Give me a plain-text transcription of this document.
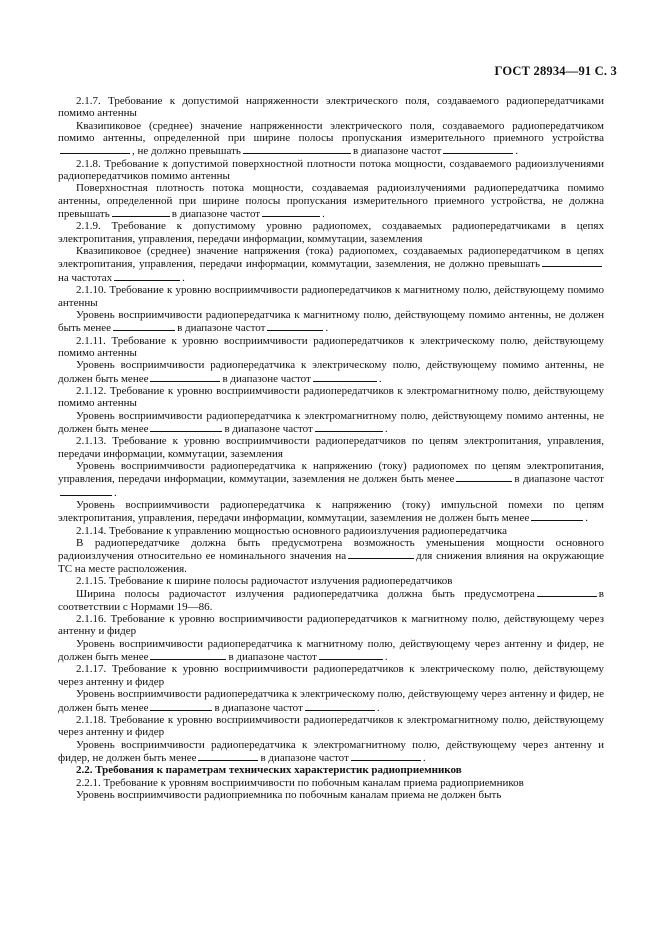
ГОСТ 28934—91 С. 3

2.1.7. Требование к допустимой напряженности электрического поля, создаваемого радиопередатчиками помимо антенны

Квазипиковое (среднее) значение напряженности электрического поля, создаваемого радиопередатчиком помимо антенны, определенной при ширине полосы пропускания измерительного приемного устройства, не должно превышать	в диапазоне частот	.

2.1.8. Требование к допустимой поверхностной плотности потока мощности, создаваемого радиоизлучениями радиопередатчиков помимо антенны

Поверхностная плотность потока мощности, создаваемая радиоизлучениями радиопередатчика помимо антенны, определенной при ширине полосы пропускания измерительного приемного устройства, не должна превышать	в диапазоне частот	.

2.1.9. Требование к допустимому уровню радиопомех, создаваемых радиопередатчиками в цепях электропитания, управления, передачи информации, коммутации, заземления

Квазипиковое (среднее) значение напряжения (тока) радиопомех, создаваемых радиопередатчиком в цепях электропитания, управления, передачи информации, коммутации, заземления, не должно превышатьна частотах	.

2.1.10. Требование к уровню восприимчивости радиопередатчиков к магнитному полю, действующему помимо антенны

Уровень восприимчивости радиопередатчика к магнитному полю, действующему помимо антенны, не должен быть менее	в диапазоне частот	.

2.1.11. Требование к уровню восприимчивости радиопередатчиков к электрическому полю, действующему помимо антенны

Уровень восприимчивости радиопередатчика к электрическому полю, действующему помимо антенны, не должен быть менее	в диапазоне частот	.

2.1.12. Требование к уровню восприимчивости радиопередатчиков к электромагнитному полю, действующему помимо антенны

Уровень восприимчивости радиопередатчика к электромагнитному полю, действующему помимо антенны, не должен быть менее	в диапазоне частот	.

2.1.13. Требование к уровню восприимчивости радиопередатчиков по цепям электропитания, управления, передачи информации, коммутации, заземления

Уровень восприимчивости радиопередатчика к напряжению (току) радиопомех по цепям электропитания, управления, передачи информации, коммутации, заземления не должен быть менее	в диапазоне частот.

Уровень восприимчивости радиопередатчика к напряжению (току) импульсной помехи по цепям электропитания, управления, передачи информации, коммутации, заземления не должен быть менее	.

2.1.14. Требование к управлению мощностью основного радиоизлучения радиопередатчика

В радиопередатчике должна быть предусмотрена возможность уменьшения мощности основного радиоизлучения относительно ее номинального значения на	для снижения влияния на окружающие ТС на месте расположения.

2.1.15. Требование к ширине полосы радиочастот излучения радиопередатчиков

Ширина полосы радиочастот излучения радиопередатчика должна быть предусмотрена	в соответствии с Нормами 19—86.

2.1.16. Требование к уровню восприимчивости радиопередатчиков к магнитному полю, действующему через антенну и фидер

Уровень восприимчивости радиопередатчика к магнитному полю, действующему через антенну и фидер, не должен быть менее	в диапазоне частот	.

2.1.17. Требование к уровню восприимчивости радиопередатчиков к электрическому полю, действующему через антенну и фидер

Уровень восприимчивости радиопередатчика к электрическому полю, действующему через антенну и фидер, не должен быть менее	в диапазоне частот	.

2.1.18. Требование к уровню восприимчивости радиопередатчиков к электромагнитному полю, действующему через антенну и фидер

Уровень восприимчивости радиопередатчика к электромагнитному полю, действующему через антенну и фидер, не должен быть менее	в диапазоне частот	.

2.2. Требования к параметрам технических характеристик радиоприемников

2.2.1. Требование к уровням восприимчивости по побочным каналам приема радиоприемников

Уровень восприимчивости радиоприемника по побочным каналам приема не должен быть
